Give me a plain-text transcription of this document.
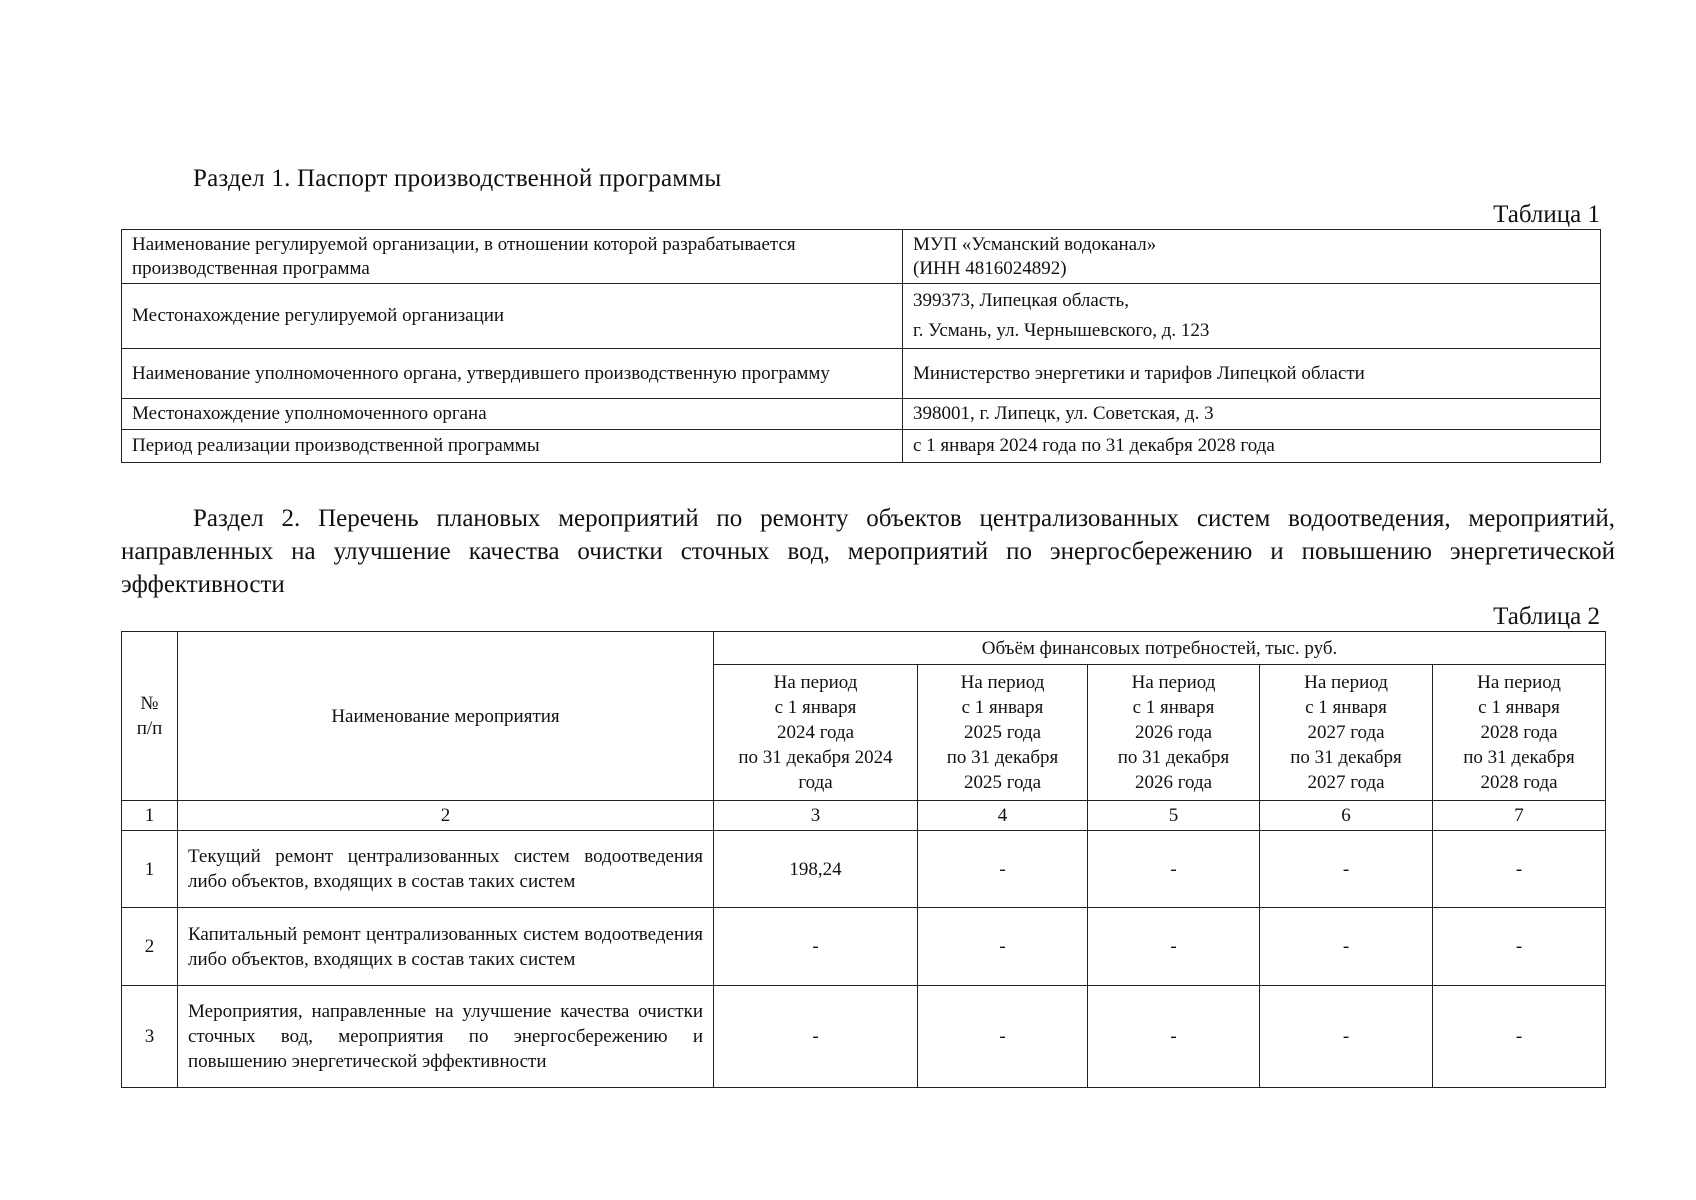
Раздел 1. Паспорт производственной программы
Таблица 1
Наименование регулируемой организации, в отношении которой разрабатывается производственная программа	МУП «Усманский водоканал»
(ИНН 4816024892)

Местонахождение регулируемой организации	399373, Липецкая область,
г. Усмань, ул. Чернышевского, д. 123

Наименование уполномоченного органа, утвердившего производственную программу	Министерство энергетики и тарифов Липецкой области
Местонахождение уполномоченного органа	398001, г. Липецк, ул. Советская, д. 3
Период реализации производственной программы	с 1 января 2024 года по 31 декабря 2028 года
Раздел 2. Перечень плановых мероприятий по ремонту объектов централизованных систем водоотведения, мероприятий, направленных на улучшение качества очистки сточных вод, мероприятий по энергосбережению и повышению энергетической эффективности
Таблица 2
№ п/п	Наименование мероприятия	Объём финансовых потребностей, тыс. руб.				
		На период
с 1 января
2024 года
по 31 декабря 2024
года	На период
с 1 января
2025 года
по 31 декабря
2025 года	На период
с 1 января
2026 года
по 31 декабря
2026 года	На период
с 1 января
2027 года
по 31 декабря
2027 года	На период
с 1 января
2028 года
по 31 декабря
2028 года
1	2	3	4	5	6	7
1	Текущий ремонт централизованных систем водоотведения либо объектов, входящих в состав таких систем	198,24	-	-	-	-
2	Капитальный ремонт централизованных систем водоотведения либо объектов, входящих в состав таких систем	-	-	-	-	-
3	Мероприятия, направленные на улучшение качества очистки сточных вод, мероприятия по энергосбережению и повышению энергетической эффективности	-	-	-	-	-
